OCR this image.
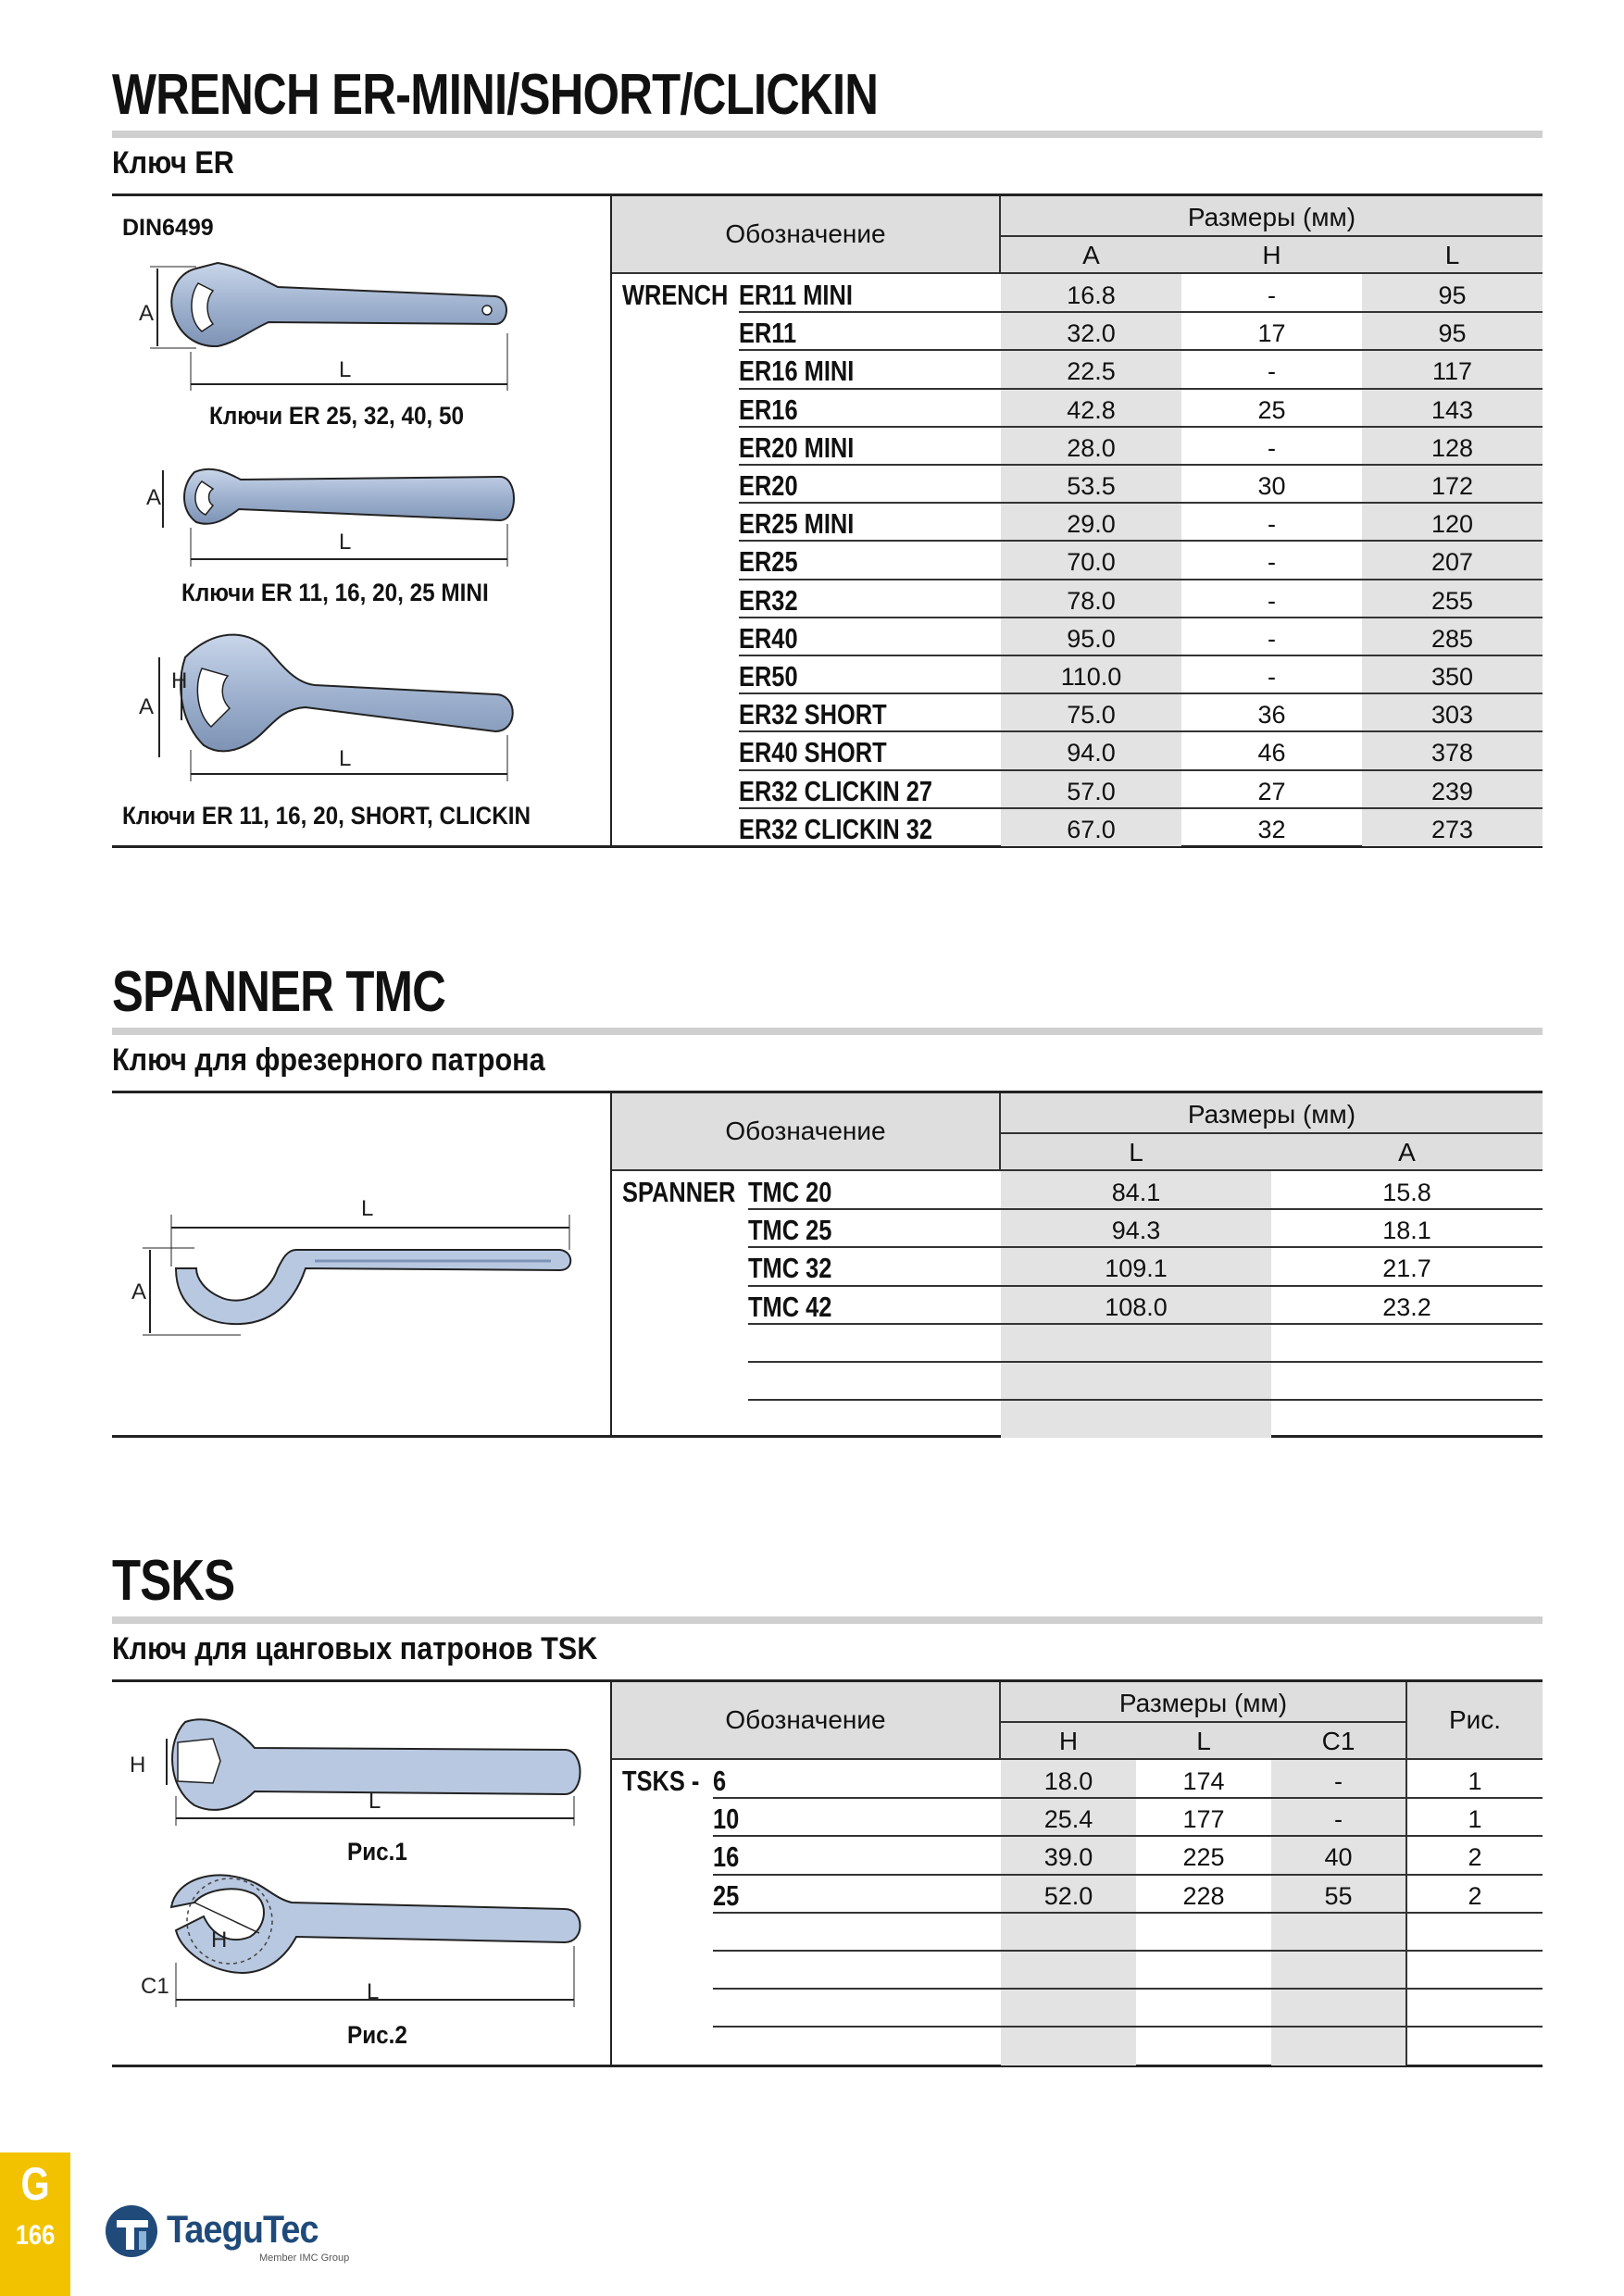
WRENCH ER-MINI/SHORT/CLICKIN
Ключ ER
Обозначение
Размеры (мм)
A	H	L
WRENCH ER11 MINI	16.8	-	95
ER11	32.0	17	95
ER16 MINI	22.5	-	117
ER16	42.8	25	143
ER20 MINI	28.0	-	128
ER20	53.5	30	172
ER25 MINI	29.0	-	120
ER25	70.0	-	207
ER32	78.0	-	255
ER40	95.0	-	285
ER50	110.0	-	350
ER32 SHORT	75.0	36	303
ER40 SHORT	94.0	46	378
ER32 CLICKIN 27	57.0	27	239
ER32 CLICKIN 32	67.0	32	273
DIN6499
A
L
Ключи ER 25, 32, 40, 50
A
L
Ключи ER 11, 16, 20, 25 MINI
H
A
L
Ключи ER 11, 16, 20, SHORT, CLICKIN
SPANNER TMC
Ключ для фрезерного патрона
Обозначение
Размеры (мм)
L	A
SPANNER TMC 20	84.1	15.8
TMC 25	94.3	18.1
TMC 32	109.1	21.7
TMC 42	108.0	23.2
L
A
TSKS
Ключ для цанговых патронов TSK
Обозначение
Размеры (мм)
Рис.
H	L	C1
TSKS - 6	18.0	174	-	1
10	25.4	177	-	1
16	39.0	225	40	2
25	52.0	228	55	2
H
L
Рис.1
H
C1	L
Рис.2
G
166	TaeguTec
Member IMC Group
